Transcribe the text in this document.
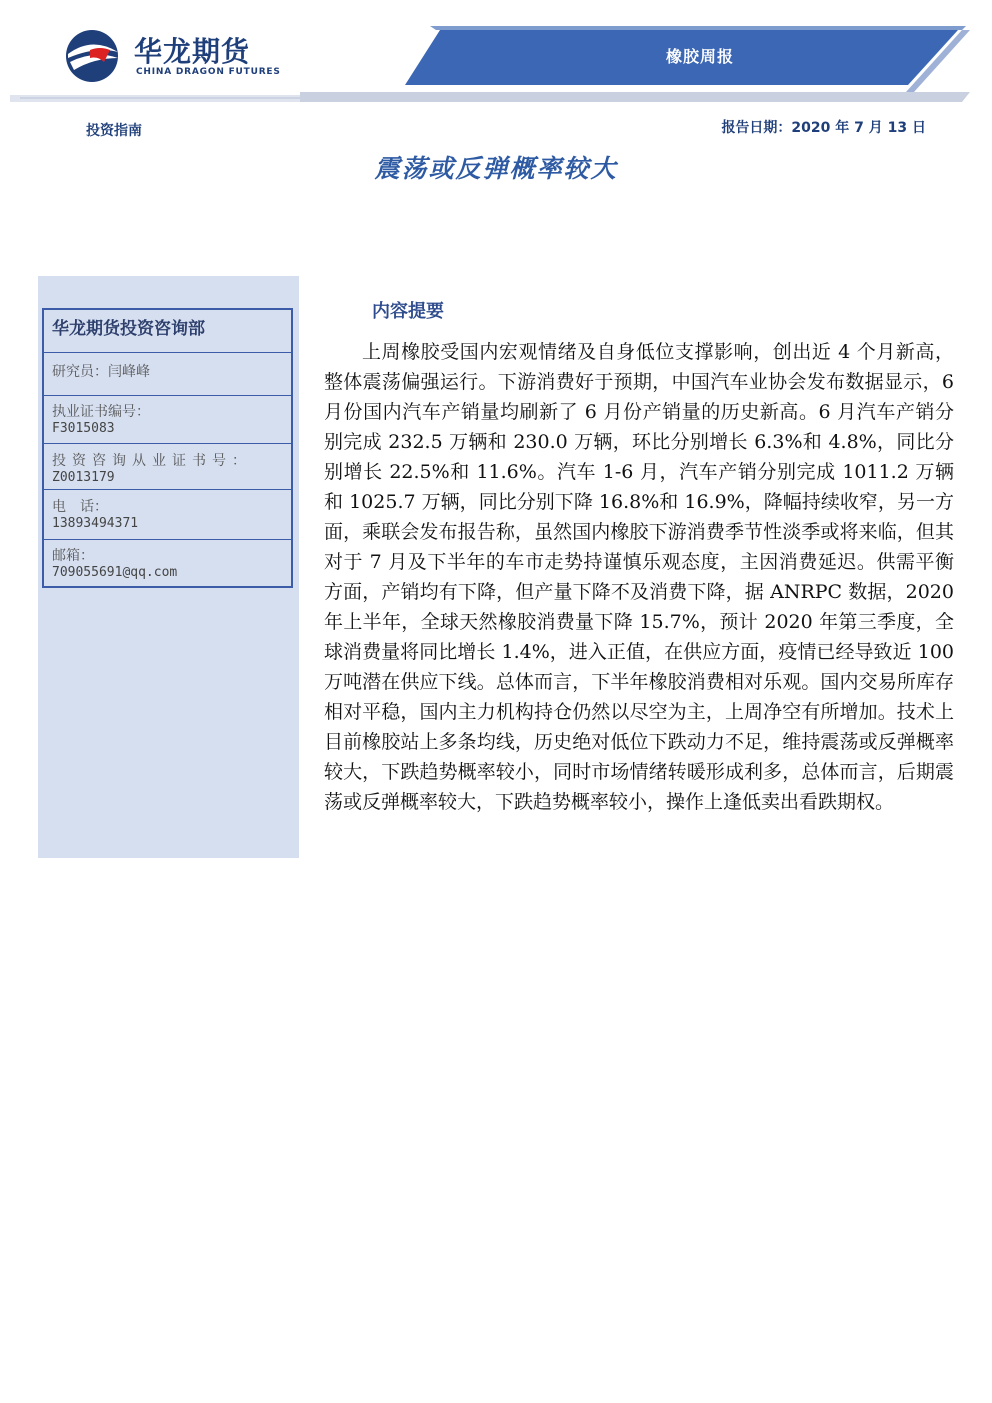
华龙期货
CHINA DRAGON FUTURES
橡胶周报
投资指南	报告日期：2020 年 7 月 13 日
震荡或反弹概率较大
华龙期货投资咨询部
研究员：闫峰峰
执业证书编号：
F3015083
投资咨询从业证书号：
Z0013179
电　话：
13893494371
邮箱：
709055691@qq.com
内容提要

上周橡胶受国内宏观情绪及自身低位支撑影响，创出近 4 个月新高，整体震荡偏强运行。下游消费好于预期，中国汽车业协会发布数据显示，6 月份国内汽车产销量均刷新了 6 月份产销量的历史新高。6 月汽车产销分别完成 232.5 万辆和 230.0 万辆，环比分别增长 6.3%和 4.8%，同比分别增长 22.5%和 11.6%。汽车 1-6 月，汽车产销分别完成 1011.2 万辆和 1025.7 万辆，同比分别下降 16.8%和 16.9%，降幅持续收窄，另一方面，乘联会发布报告称，虽然国内橡胶下游消费季节性淡季或将来临，但其对于 7 月及下半年的车市走势持谨慎乐观态度，主因消费延迟。供需平衡方面，产销均有下降，但产量下降不及消费下降，据 ANRPC 数据，2020 年上半年，全球天然橡胶消费量下降 15.7%，预计 2020 年第三季度，全球消费量将同比增长 1.4%，进入正值，在供应方面，疫情已经导致近 100 万吨潜在供应下线。总体而言，下半年橡胶消费相对乐观。国内交易所库存相对平稳，国内主力机构持仓仍然以尽空为主，上周净空有所增加。技术上目前橡胶站上多条均线，历史绝对低位下跌动力不足，维持震荡或反弹概率较大，下跌趋势概率较小，同时市场情绪转暖形成利多，总体而言，后期震荡或反弹概率较大，下跌趋势概率较小，操作上逢低卖出看跌期权。
